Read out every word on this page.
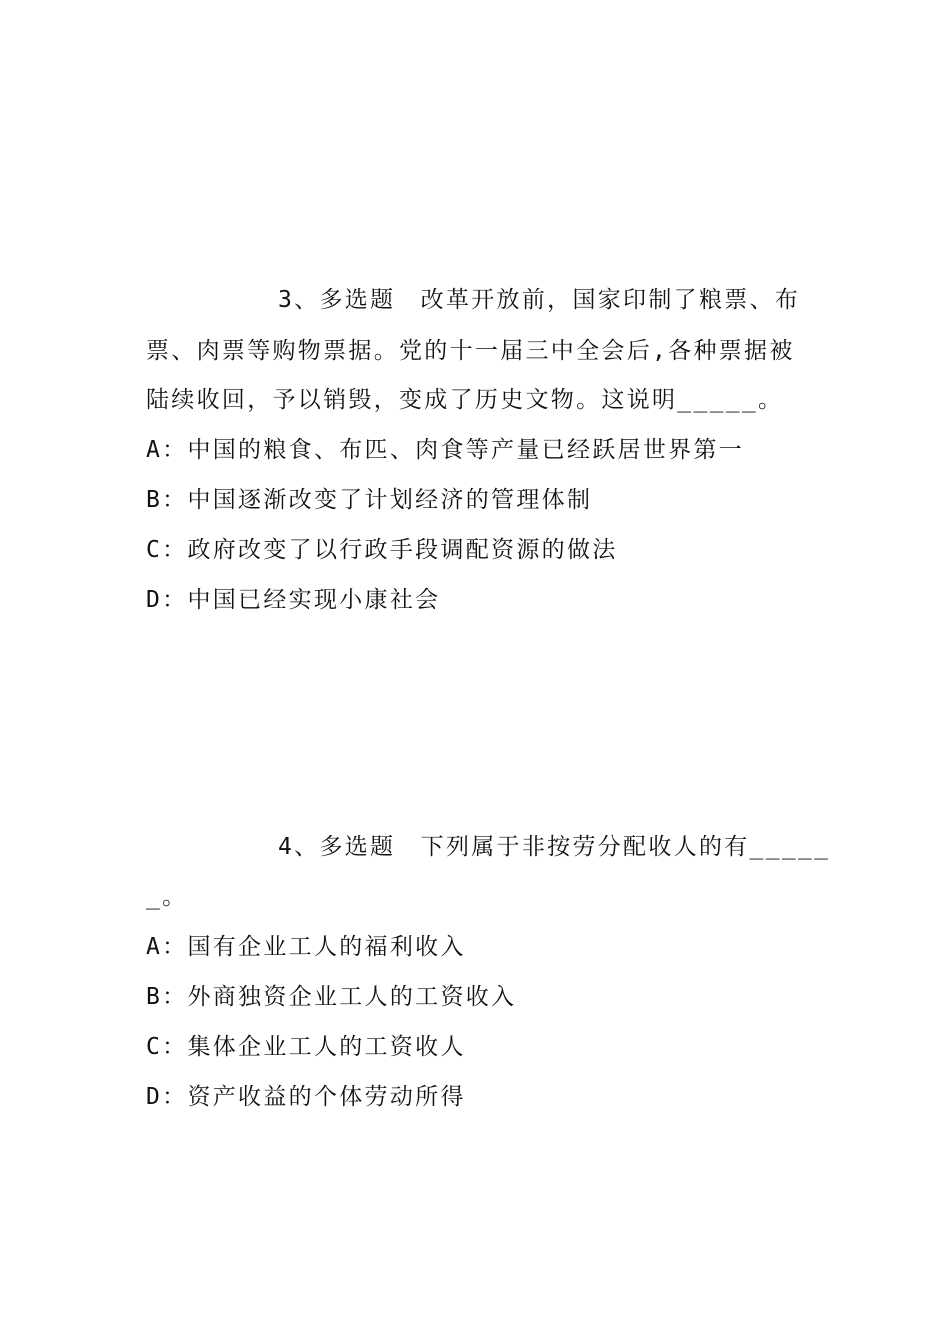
3、多选题　改革开放前，国家印制了粮票、布
票、肉票等购物票据。党的十一届三中全会后,各种票据被
陆续收回，予以销毁，变成了历史文物。这说明_____。
A：中国的粮食、布匹、肉食等产量已经跃居世界第一
B：中国逐渐改变了计划经济的管理体制
C：政府改变了以行政手段调配资源的做法
D：中国已经实现小康社会
4、多选题　下列属于非按劳分配收人的有_____
_。
A：国有企业工人的福利收入
B：外商独资企业工人的工资收入
C：集体企业工人的工资收人
D：资产收益的个体劳动所得
